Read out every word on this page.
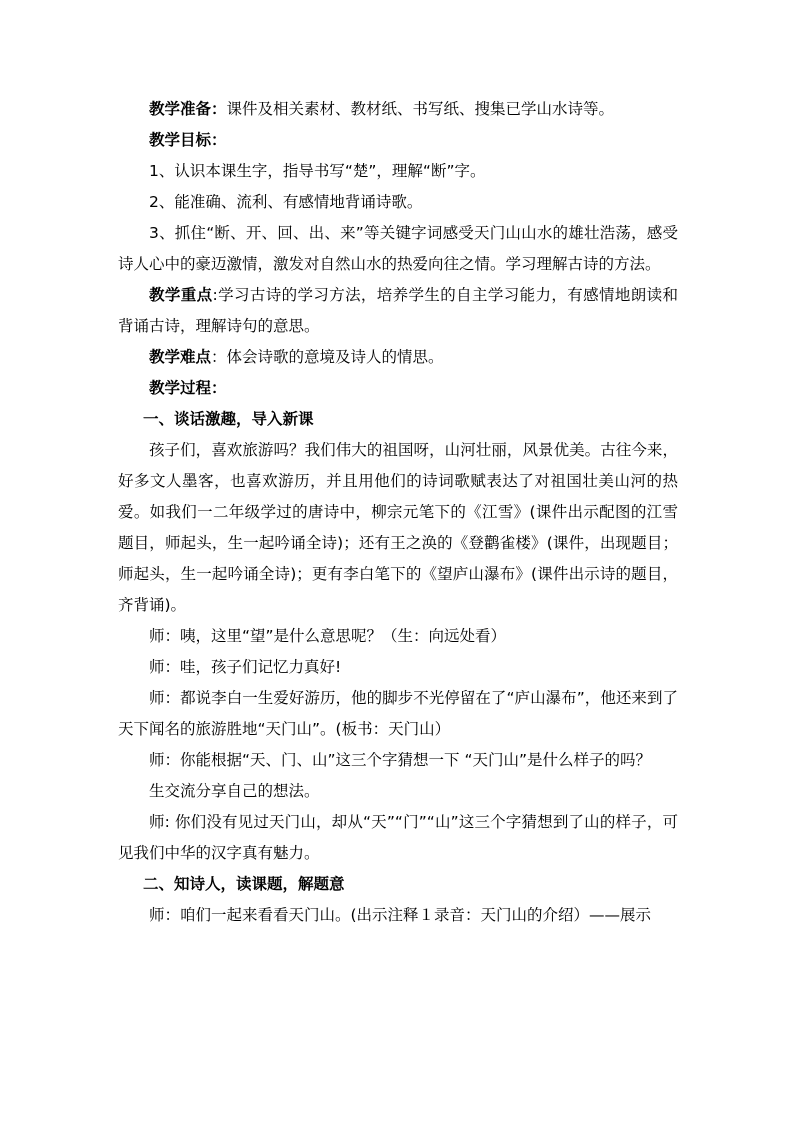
教学准备：课件及相关素材、教材纸、书写纸、搜集已学山水诗等。

教学目标：

1、认识本课生字，指导书写“楚”，理解“断”字。

2、能准确、流利、有感情地背诵诗歌。

3、抓住“断、开、回、出、来”等关键字词感受天门山山水的雄壮浩荡，感受诗人心中的豪迈激情，激发对自然山水的热爱向往之情。学习理解古诗的方法。

教学重点:学习古诗的学习方法，培养学生的自主学习能力，有感情地朗读和背诵古诗，理解诗句的意思。

教学难点：体会诗歌的意境及诗人的情思。

教学过程：

一、谈话激趣，导入新课

孩子们，喜欢旅游吗？我们伟大的祖国呀，山河壮丽，风景优美。古往今来，好多文人墨客，也喜欢游历，并且用他们的诗词歌赋表达了对祖国壮美山河的热爱。如我们一二年级学过的唐诗中，柳宗元笔下的《江雪》(课件出示配图的江雪题目，师起头，生一起吟诵全诗)；还有王之涣的《登鹳雀楼》(课件，出现题目；师起头，生一起吟诵全诗)；更有李白笔下的《望庐山瀑布》(课件出示诗的题目，齐背诵)。

师：咦，这里“望”是什么意思呢？（生：向远处看）

师：哇，孩子们记忆力真好!

师：都说李白一生爱好游历，他的脚步不光停留在了“庐山瀑布”，他还来到了天下闻名的旅游胜地“天门山”。(板书：天门山）

师：你能根据“天、门、山”这三个字猜想一下 “天门山”是什么样子的吗？

生交流分享自己的想法。

师: 你们没有见过天门山，却从“天”“门”“山”这三个字猜想到了山的样子，可见我们中华的汉字真有魅力。

二、知诗人，读课题，解题意

师：咱们一起来看看天门山。(出示注释１录音：天门山的介绍）——展示
